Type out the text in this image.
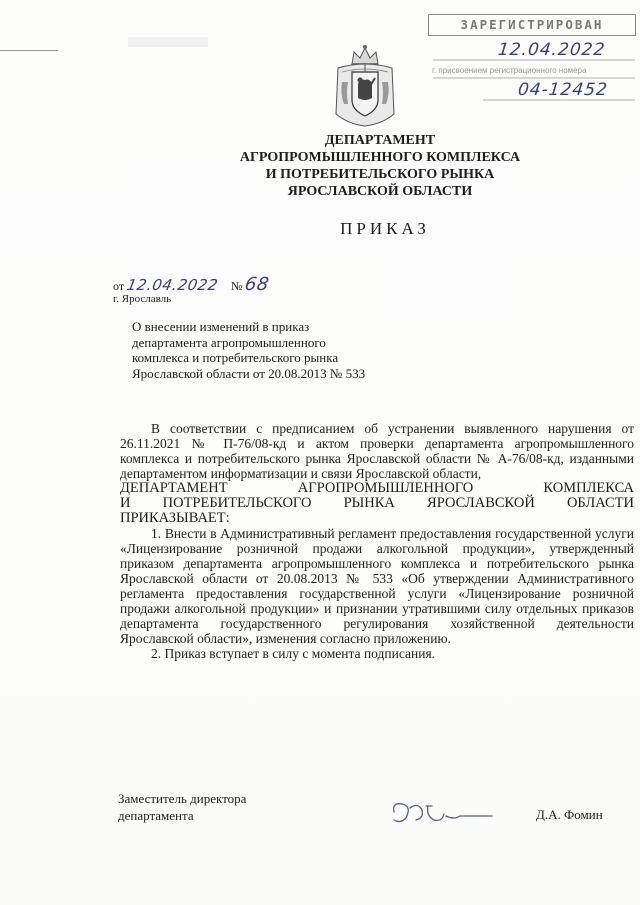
ЗАРЕГИСТРИРОВАН
12.04.2022
г. присвоением регистрационного номера
04-12452
ДЕПАРТАМЕНТ
АГРОПРОМЫШЛЕННОГО КОМПЛЕКСА
И ПОТРЕБИТЕЛЬСКОГО РЫНКА
ЯРОСЛАВСКОЙ ОБЛАСТИ
ПРИКАЗ
от 12.04.2022 № 68
г. Ярославль
О внесении изменений в приказ департамента агропромышленного комплекса и потребительского рынка Ярославской области от 20.08.2013 № 533

В соответствии с предписанием об устранении выявленного нарушения от 26.11.2021 № П-76/08-кд и актом проверки департамента агропромышленного комплекса и потребительского рынка Ярославской области № А-76/08-кд, изданными департаментом информатизации и связи Ярославской области,

ДЕПАРТАМЕНТ АГРОПРОМЫШЛЕННОГО КОМПЛЕКСА

И ПОТРЕБИТЕЛЬСКОГО РЫНКА ЯРОСЛАВСКОЙ ОБЛАСТИ

ПРИКАЗЫВАЕТ:

1. Внести в Административный регламент предоставления государственной услуги «Лицензирование розничной продажи алкогольной продукции», утвержденный приказом департамента агропромышленного комплекса и потребительского рынка Ярославской области от 20.08.2013 № 533 «Об утверждении Административного регламента предоставления государственной услуги «Лицензирование розничной продажи алкогольной продукции» и признании утратившими силу отдельных приказов департамента государственного регулирования хозяйственной деятельности Ярославской области», изменения согласно приложению.

2. Приказ вступает в силу с момента подписания.

Заместитель директора
департамента	Д.А. Фомин
